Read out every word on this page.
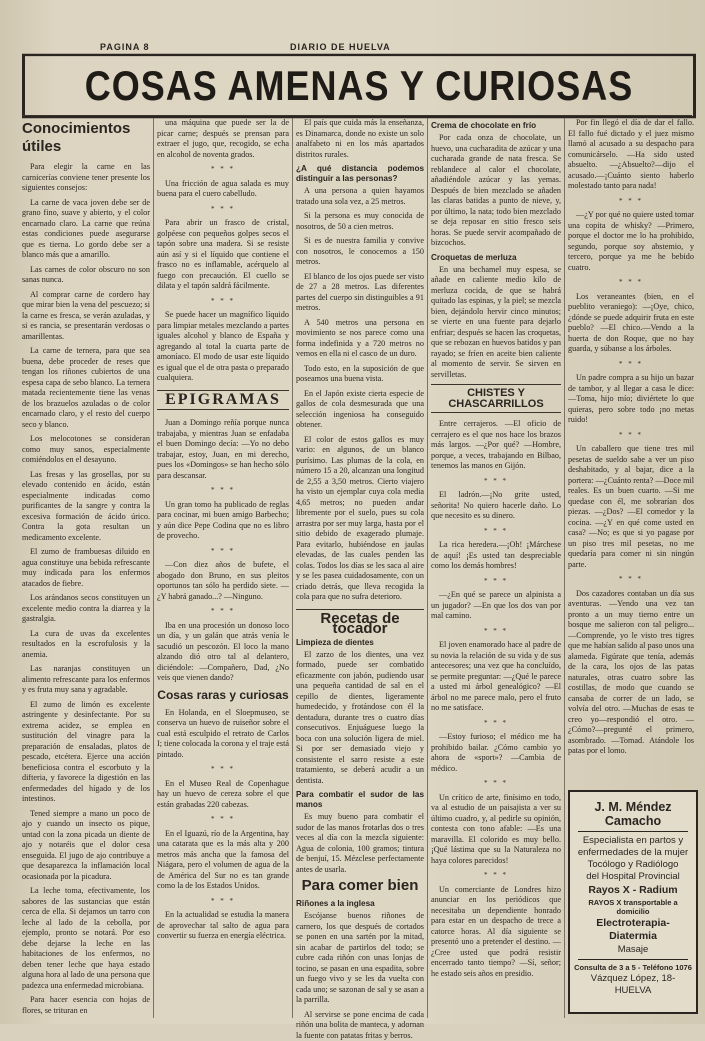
PAGINA 8	DIARIO DE HUELVA
COSAS AMENAS Y CURIOSAS
Conocimientos útiles

Para elegir la carne en las carnicerías conviene tener presente los siguientes consejos:

La carne de vaca joven debe ser de grano fino, suave y abierto, y el color encarnado claro. La carne que reúna estas condiciones puede asegurarse que es tierna. Lo gordo debe ser a blanco más que a amarillo.

Las carnes de color obscuro no son sanas nunca.

Al comprar carne de cordero hay que mirar bien la vena del pescuezo; si la carne es fresca, se verán azuladas, y si es rancia, se presentarán verdosas o amarillentas.

La carne de ternera, para que sea buena, debe proceder de reses que tengan los riñones cubiertos de una espesa capa de sebo blanco. La ternera matada recientemente tiene las venas de los brazuelos azuladas o de color encarnado claro, y el resto del cuerpo seco y blanco.

Los melocotones se consideran como muy sanos, especialmente comiéndolos en el desayuno.

Las fresas y las grosellas, por su elevado contenido en ácido, están especialmente indicadas como purificantes de la sangre y contra la excesiva formación de ácido úrico. Contra la gota resultan un medicamento excelente.

El zumo de frambuesas diluido en agua constituye una bebida refrescante muy indicada para los enfermos atacados de fiebre.

Los arándanos secos constituyen un excelente medio contra la diarrea y la gastralgia.

La cura de uvas da excelentes resultados en la escrofulosis y la anemia.

Las naranjas constituyen un alimento refrescante para los enfermos y es fruta muy sana y agradable.

El zumo de limón es excelente astringente y desinfectante. Por su extrema acidez, se emplea en sustitución del vinagre para la preparación de ensaladas, platos de pescado, etcétera. Ejerce una acción beneficiosa contra el escorbuto y la difteria, y favorece la digestión en las enfermedades del hígado y de los intestinos.

Tened siempre a mano un poco de ajo y cuando un insecto os pique, untad con la zona picada un diente de ajo y notaréis que el dolor cesa enseguida. El jugo de ajo contribuye a que desaparezca la inflamación local ocasionada por la picadura.

La leche toma, efectivamente, los sabores de las sustancias que están cerca de ella. Si dejamos un tarro con leche al lado de la cebolla, por ejemplo, pronto se notará. Por eso debe dejarse la leche en las habitaciones de los enfermos, no deben tener leche que haya estado alguna hora al lado de una persona que padezca una enfermedad microbiana.

Para hacer esencia con hojas de flores, se trituran en

una máquina que puede ser la de picar carne; después se prensan para extraer el jugo, que, recogido, se echa en alcohol de noventa grados.

* * *

Una fricción de agua salada es muy buena para el cuero cabelludo.

* * *

Para abrir un frasco de cristal, golpéese con pequeños golpes secos el tapón sobre una madera. Si se resiste aún así y si el líquido que contiene el frasco no es inflamable, acérquelo al fuego con precaución. El cuello se dilata y el tapón saldrá fácilmente.

* * *

Se puede hacer un magnífico líquido para limpiar metales mezclando a partes iguales alcohol y blanco de España y agregando al total la cuarta parte de amoníaco. El modo de usar este líquido es igual que el de otra pasta o preparado cualquiera.

EPIGRAMAS

Juan a Domingo reñía porque nunca trabajaba, y mientras Juan se enfadaba el buen Domingo decía: —Yo no debo trabajar, estoy, Juan, en mi derecho, pues los «Domingos» se han hecho sólo para descansar.

* * *

Un gran tomo ha publicado de reglas para cocinar, mi buen amigo Barbecho; y aún dice Pepe Codina que no es libro de provecho.

* * *

—Con diez años de bufete, el abogado don Bruno, en sus pleitos oportunos tan sólo ha perdido siete. —¿Y habrá ganado...? —Ninguno.

* * *

Iba en una procesión un donoso loco un día, y un galán que atrás venía le sacudió un pescozón. El loco la mano alzando dió otro tal al delantero, diciéndole: —Compañero, Dad, ¿No veis que vienen dando?

Cosas raras y curiosas

En Holanda, en el Sloepmuseo, se conserva un huevo de ruiseñor sobre el cual está esculpido el retrato de Carlos I; tiene colocada la corona y el traje está pintado.

* * *

En el Museo Real de Copenhague hay un huevo de cereza sobre el que están grabadas 220 cabezas.

* * *

En el Iguazú, río de la Argentina, hay una catarata que es la más alta y 200 metros más ancha que la famosa del Niágara, pero el volumen de agua de la de América del Sur no es tan grande como la de los Estados Unidos.

* * *

En la actualidad se estudia la manera de aprovechar tal salto de agua para convertir su fuerza en energía eléctrica.

El país que cuida más la enseñanza, es Dinamarca, donde no existe un solo analfabeto ni en los más apartados distritos rurales.

¿A qué distancia podemos distinguir a las personas?

A una persona a quien hayamos tratado una sola vez, a 25 metros.

Si la persona es muy conocida de nosotros, de 50 a cien metros.

Si es de nuestra familia y convive con nosotros, le conocemos a 150 metros.

El blanco de los ojos puede ser visto de 27 a 28 metros. Las diferentes partes del cuerpo sin distinguibles a 91 metros.

A 540 metros una persona en movimiento se nos parece como una forma indefinida y a 720 metros no vemos en ella ni el casco de un duro.

Todo esto, en la suposición de que poseamos una buena vista.

En el Japón existe cierta especie de gallos de cola desmesurada que una selección ingeniosa ha conseguido obtener.

El color de estos gallos es muy vario: en algunos, de un blanco purísimo. Las plumas de la cola, en número 15 a 20, alcanzan una longitud de 2,55 a 3,50 metros. Cierto viajero ha visto un ejemplar cuya cola media 4,65 metros; no pueden andar libremente por el suelo, pues su cola arrastra por ser muy larga, hasta por el sitio debido de exagerado plumaje. Para evitarlo, hubiéndose en jaulas elevadas, de las cuales penden las colas. Todos los días se les saca al aire y se les pasea cuidadosamente, con un criado detrás, que lleva recogida la cola para que no sufra deterioro.

Recetas de tocador
Limpieza de dientes

El zarzo de los dientes, una vez formado, puede ser combatido eficazmente con jabón, pudiendo usar una pequeña cantidad de sal en el cepillo de dientes, ligeramente humedecido, y frotándose con él la dentadura, durante tres o cuatro días consecutivos. Enjuáguese luego la boca con una solución ligera de miel. Si por ser demasiado viejo y consistente el sarro resiste a este tratamiento, se deberá acudir a un dentista.

Para combatir el sudor de las manos

Es muy bueno para combatir el sudor de las manos frotarlas dos o tres veces al día con la mezcla siguiente: Agua de colonia, 100 gramos; tintura de benjuí, 15. Mézclese perfectamente antes de usarla.

Para comer bien
Riñones a la inglesa

Escójanse buenos riñones de carnero, los que después de cortados se ponen en una sartén por la mitad, sin acabar de partirlos del todo; se cubre cada riñón con unas lonjas de tocino, se pasan en una espadita, sobre un fuego vivo y se les da vuelta con cada uno; se sazonan de sal y se asan a la parrilla.

Al servirse se pone encima de cada riñón una bolita de manteca, y adornan la fuente con patatas fritas y berros.

Crema de chocolate en frío

Por cada onza de chocolate, un huevo, una cucharadita de azúcar y una cucharada grande de nata fresca. Se reblandece al calor el chocolate, añadiéndole azúcar y las yemas. Después de bien mezclado se añaden las claras batidas a punto de nieve, y, por último, la nata; todo bien mezclado se deja reposar en sitio fresco seis horas. Se puede servir acompañado de bizcochos.

Croquetas de merluza

En una bechamel muy espesa, se añade en caliente medio kilo de merluza cocida, de que se habrá quitado las espinas, y la piel; se mezcla bien, dejándolo hervir cinco minutos; se vierte en una fuente para dejarlo enfriar; después se hacen las croquetas, que se rebozan en huevos batidos y pan rayado; se fríen en aceite bien caliente al momento de servir. Se sirven en servilletas.

CHISTES Y CHASCARRILLOS

Entre cerrajeros. —El oficio de cerrajero es el que nos hace los brazos más largos. —¿Por qué? —Hombre, porque, a veces, trabajando en Bilbao, tenemos las manos en Gijón.

* * *

El ladrón.—¡No grite usted, señorita! No quiero hacerle daño. Lo que necesito es su dinero.

* * *

La rica heredera.—¡Oh! ¡Márchese de aquí! ¡Es usted tan despreciable como los demás hombres!

* * *

—¿En qué se parece un alpinista a un jugador? —En que los dos van por mal camino.

* * *

El joven enamorado hace al padre de su novia la relación de su vida y de sus antecesores; una vez que ha concluído, se permite preguntar: —¿Qué le parece a usted mi árbol genealógico? —El árbol no me parece malo, pero el fruto no me satisface.

* * *

—Estoy furioso; el médico me ha prohibido bailar. ¿Cómo cambio yo ahora de «sport»? —Cambia de médico.

* * *

Un crítico de arte, finísimo en todo, va al estudio de un paisajista a ver su último cuadro, y, al pedirle su opinión, contesta con tono afable: —Es una maravilla. El colorido es muy bello. ¡Qué lástima que su la Naturaleza no haya colores parecidos!

* * *

Un comerciante de Londres hizo anunciar en los periódicos que necesitaba un dependiente honrado para estar en un despacho de trece a catorce horas. Al día siguiente se presentó uno a pretender el destino. —¿Cree usted que podrá resistir encerrado tanto tiempo? —Sí, señor; he estado seis años en presidio.

Por fin llegó el día de dar el fallo. El fallo fué dictado y el juez mismo llamó al acusado a su despacho para comunicárselo. —Ha sido usted absuelto. —¿Absuelto?—dijo el acusado.—¡Cuánto siento haberlo molestado tanto para nada!

* * *

—¿Y por qué no quiere usted tomar una copita de whisky? —Primero, porque el doctor me lo ha prohibido, segundo, porque soy abstemio, y tercero, porque ya me he bebido cuatro.

* * *

Los veraneantes (bien, en el pueblito veraniego): —¡Oye, chico, ¿dónde se puede adquirir fruta en este pueblo? —El chico.—Vendo a la huerta de don Roque, que no hay guarda, y súbanse a los árboles.

* * *

Un padre compra a su hijo un bazar de tambor, y al llegar a casa le dice: —Toma, hijo mío; diviértete lo que quieras, pero sobre todo ¡no metas ruido!

* * *

Un caballero que tiene tres mil pesetas de sueldo sabe a ver un piso deshabitado, y al bajar, dice a la portera: —¿Cuánto renta? —Doce mil reales. Es un buen cuarto. —Si me quedase con él, me sobrarían dos piezas. —¿Dos? —El comedor y la cocina. —¿Y en qué come usted en casa? —No; es que si yo pagase por un piso tres mil pesetas, no me quedaría para comer ni sin ningún parte.

* * *

Dos cazadores contaban un día sus aventuras. —Yendo una vez tan pronto a un muy tierno entre un bosque me salieron con tal peligro... —Comprende, yo le visto tres tigres que me habían salido al paso unos una alameda. Figúrate que tenía, además de la cara, los ojos de las patas naturales, otras cuatro sobre las costillas, de modo que cuando se cansaba de correr de un lado, se volvía del otro. —Muchas de esas te creo yo—respondió el otro. —¿Cómo?—pregunté el primero, asombrado. —Tomad. Atándole los patas por el lomo.

J. M. Méndez Camacho
Especialista en partos y
enfermedades de la mujer
Tocólogo y Radiólogo
del Hospital Provincial
Rayos X - Radium
RAYOS X transportable a domicilio
Electroterapia-Diatermia
Masaje
Consulta de 3 a 5 - Teléfono 1076
Vázquez López, 18-HUELVA
